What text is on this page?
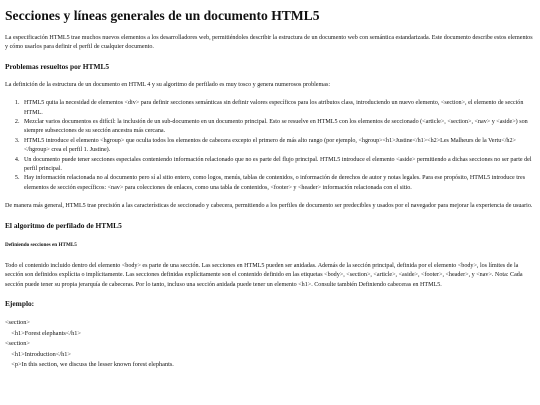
Secciones y líneas generales de un documento HTML5

La especificación HTML5 trae muchos nuevos elementos a los desarrolladores web, permitiéndoles describir la estructura de un documento web con semántica estandarizada. Este documento describe estos elementos y cómo usarlos para definir el perfil de cualquier documento.

Problemas resueltos por HTML5

La definición de la estructura de un documento en HTML 4 y su algoritmo de perfilado es muy tosco y genera numerosos problemas:

1. HTML5 quita la necesidad de elementos <div> para definir secciones semánticas sin definir valores específicos para los atributos class, introduciendo un nuevo elemento, <section>, el elemento de sección HTML.
2. Mezclar varios documentos es difícil: la inclusión de un sub-documento en un documento principal. Esto se resuelve en HTML5 con los elementos de seccionado (<article>, <section>, <nav> y <aside>) son siempre subsecciones de su sección ancestra más cercana.
3. HTML5 introduce el elemento <hgroup> que oculta todos los elementos de cabecera excepto el primero de más alto rango (por ejemplo, <hgroup><h1>Justine</h1><h2>Les Malheurs de la Vertu</h2></hgroup> crea el perfil 1. Justine).
4. Un documento puede tener secciones especiales conteniendo información relacionado que no es parte del flujo principal. HTML5 introduce el elemento <aside> permitiendo a dichas secciones no ser parte del perfil principal.
5. Hay información relacionada no al documento pero sí al sitio entero, como logos, menús, tablas de contenidos, o información de derechos de autor y notas legales. Para ese propósito, HTML5 introduce tres elementos de sección específicos: <nav> para colecciones de enlaces, como una tabla de contenidos, <footer> y <header> información relacionada con el sitio.

De manera más general, HTML5 trae precisión a las características de seccionado y cabecera, permitiendo a los perfiles de documento ser predecibles y usados por el navegador para mejorar la experiencia de usuario.

El algoritmo de perfilado de HTML5
Definiendo secciones en HTML5

Todo el contenido incluido dentro del elemento <body> es parte de una sección. Las secciones en HTML5 pueden ser anidadas. Además de la sección principal, definida por el elemento <body>, los límites de la sección son definidos explícita o implícitamente. Las secciones definidas explícitamente son el contenido definido en las etiquetas <body>, <section>, <article>, <aside>, <footer>, <header>, y <nav>. Nota: Cada sección puede tener su propia jerarquía de cabeceras. Por lo tanto, incluso una sección anidada puede tener un elemento <h1>. Consulte también Definiendo cabeceras en HTML5.

Ejemplo:
<section>
<h1>Forest elephants</h1>
<section>
<h1>Introduction</h1>
<p>In this section, we discuss the lesser known forest elephants.
